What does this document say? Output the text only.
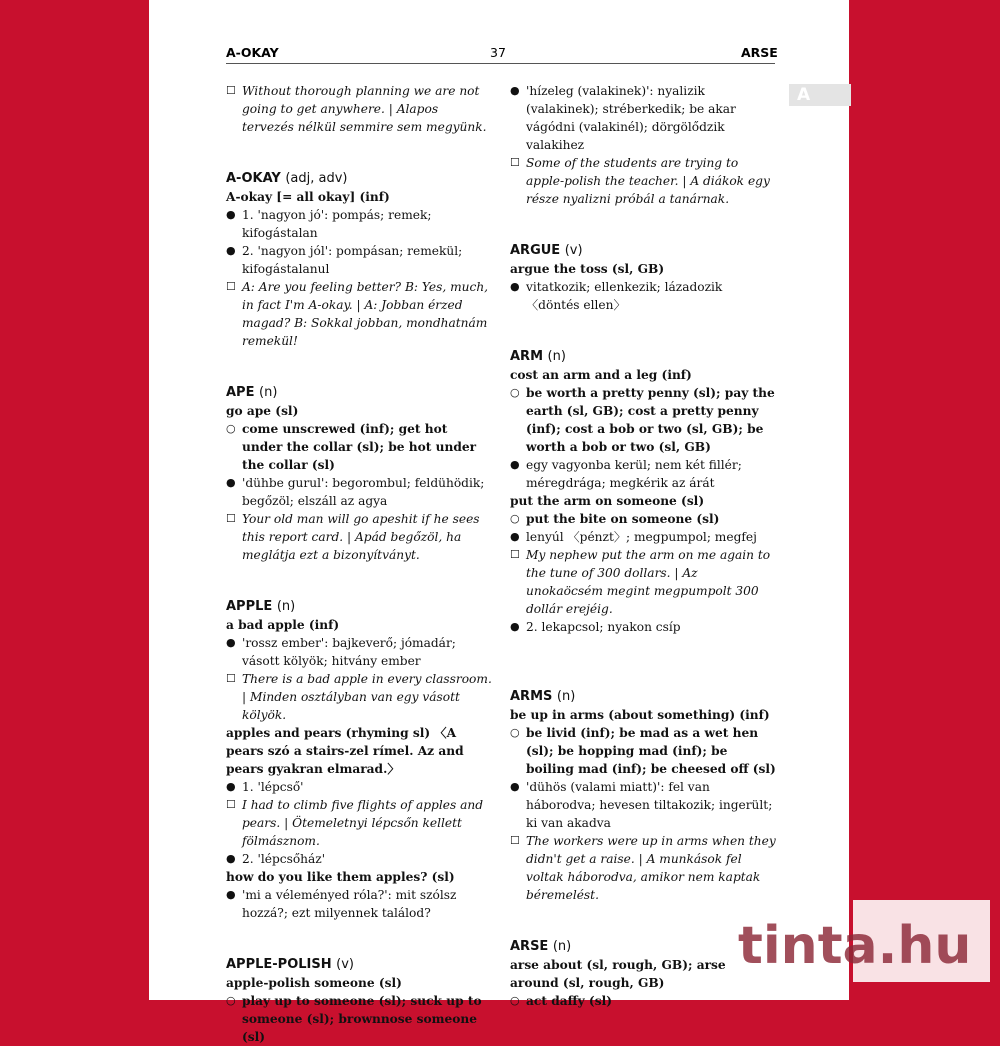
A-OKAY	37	ARSE
A
☐ Without thorough planning we are not going to get anywhere. | Alapos tervezés nélkül semmire sem megyünk.
A-OKAY (adj, adv)
A-okay [= all okay] (inf)
● 1. 'nagyon jó': pompás; remek; kifogástalan
● 2. 'nagyon jól': pompásan; remekül; kifogástalanul
☐ A: Are you feeling better? B: Yes, much, in fact I'm A-okay. | A: Jobban érzed magad? B: Sokkal jobban, mondhatnám remekül!
APE (n)
go ape (sl)
○ come unscrewed (inf); get hot under the collar (sl); be hot under the collar (sl)
● 'dühbe gurul': begorombul; feldühödik; begőzöl; elszáll az agya
☐ Your old man will go apeshit if he sees this report card. | Apád begőzöl, ha meglátja ezt a bizonyítványt.
APPLE (n)
a bad apple (inf)
● 'rossz ember': bajkeverő; jómadár; vásott kölyök; hitvány ember
☐ There is a bad apple in every classroom. | Minden osztályban van egy vásott kölyök.
apples and pears (rhyming sl) 〈A pears szó a stairs-zel rímel. Az and pears gyakran elmarad.〉
● 1. 'lépcső'
☐ I had to climb five flights of apples and pears. | Ötemeletnyi lépcsőn kellett fölmásznom.
● 2. 'lépcsőház'
how do you like them apples? (sl)
● 'mi a véleményed róla?': mit szólsz hozzá?; ezt milyennek találod?
APPLE-POLISH (v)
apple-polish someone (sl)
○ play up to someone (sl); suck up to someone (sl); brownnose someone (sl)
● 'hízeleg (valakinek)': nyalizik (valakinek); stréberkedik; be akar vágódni (valakinél); dörgölődzik valakihez
☐ Some of the students are trying to apple-polish the teacher. | A diákok egy része nyalizni próbál a tanárnak.
ARGUE (v)
argue the toss (sl, GB)
● vitatkozik; ellenkezik; lázadozik 〈döntés ellen〉
ARM (n)
cost an arm and a leg (inf)
○ be worth a pretty penny (sl); pay the earth (sl, GB); cost a pretty penny (inf); cost a bob or two (sl, GB); be worth a bob or two (sl, GB)
● egy vagyonba kerül; nem két fillér; méregdrága; megkérik az árát
put the arm on someone (sl)
○ put the bite on someone (sl)
● lenyúl 〈pénzt〉; megpumpol; megfej
☐ My nephew put the arm on me again to the tune of 300 dollars. | Az unokaöcsém megint megpumpolt 300 dollár erejéig.
● 2. lekapcsol; nyakon csíp
ARMS (n)
be up in arms (about something) (inf)
○ be livid (inf); be mad as a wet hen (sl); be hopping mad (inf); be boiling mad (inf); be cheesed off (sl)
● 'dühös (valami miatt)': fel van háborodva; hevesen tiltakozik; ingerült; ki van akadva
☐ The workers were up in arms when they didn't get a raise. | A munkások fel voltak háborodva, amikor nem kaptak béremelést.
ARSE (n)
arse about (sl, rough, GB); arse around (sl, rough, GB)
○ act daffy (sl)
tinta.hu
